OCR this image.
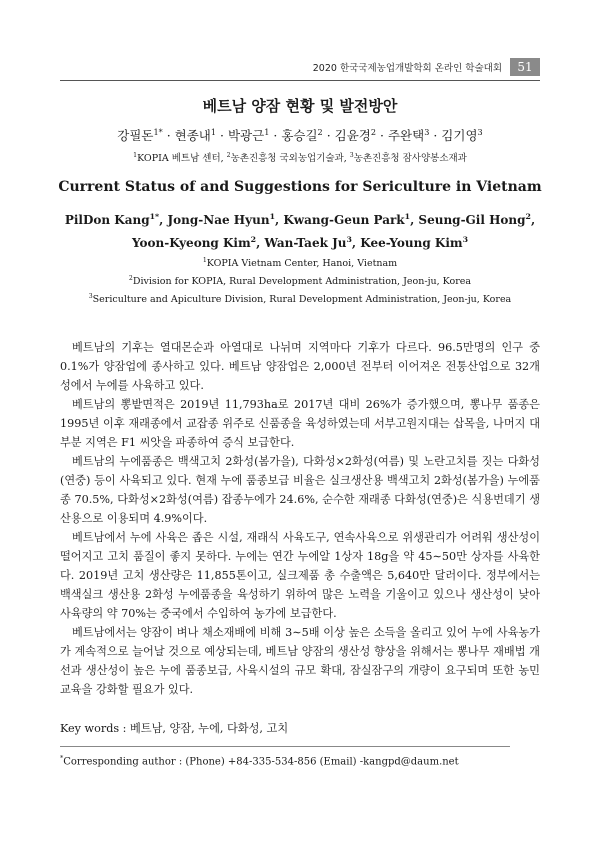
2020 한국국제농업개발학회 온라인 학술대회	51
베트남 양잠 현황 및 발전방안
강필돈$^{1*}$ · 현종내$^1$ · 박광근$^1$ · 홍승길$^2$ · 김윤경$^2$ · 주완택$^3$ · 김기영$^3$
$^1$KOPIA 베트남 센터, $^2$농촌진흥청 국외농업기술과, $^3$농촌진흥청 잠사양봉소재과
Current Status of and Suggestions for Sericulture in Vietnam
PilDon Kang$^{1*}$, Jong-Nae Hyun$^1$, Kwang-Geun Park$^1$, Seung-Gil Hong$^2$,
Yoon-Kyeong Kim$^2$, Wan-Taek Ju$^3$, Kee-Young Kim$^3$
$^1$KOPIA Vietnam Center, Hanoi, Vietnam
$^2$Division for KOPIA, Rural Development Administration, Jeon-ju, Korea
$^3$Sericulture and Apiculture Division, Rural Development Administration, Jeon-ju, Korea

베트남의 기후는 열대몬순과 아열대로 나뉘며 지역마다 기후가 다르다. 96.5만명의 인구 중 0.1%가 양잠업에 종사하고 있다. 베트남 양잠업은 2,000년 전부터 이어져온 전통산업으로 32개성에서 누에를 사육하고 있다.

베트남의 뽕밭면적은 2019년 11,793ha로 2017년 대비 26%가 증가했으며, 뽕나무 품종은 1995년 이후 재래종에서 교잡종 위주로 신품종을 육성하였는데 서부고원지대는 삽목을, 나머지 대부분 지역은 F1 씨앗을 파종하여 증식 보급한다.

베트남의 누에품종은 백색고치 2화성(봄가을), 다화성×2화성(여름) 및 노란고치를 짓는 다화성(연중) 등이 사육되고 있다. 현재 누에 품종보급 비율은 실크생산용 백색고치 2화성(봄가을) 누에품종 70.5%, 다화성×2화성(여름) 잡종누에가 24.6%, 순수한 재래종 다화성(연중)은 식용번데기 생산용으로 이용되며 4.9%이다.

베트남에서 누에 사육은 좁은 시설, 재래식 사육도구, 연속사육으로 위생관리가 어려워 생산성이 떨어지고 고치 품질이 좋지 못하다. 누에는 연간 누에알 1상자 18g을 약 45∼50만 상자를 사육한다. 2019년 고치 생산량은 11,855톤이고, 실크제품 총 수출액은 5,640만 달러이다. 정부에서는 백색실크 생산용 2화성 누에품종을 육성하기 위하여 많은 노력을 기울이고 있으나 생산성이 낮아 사육량의 약 70%는 중국에서 수입하여 농가에 보급한다.

베트남에서는 양잠이 벼나 채소재배에 비해 3∼5배 이상 높은 소득을 올리고 있어 누에 사육농가가 계속적으로 늘어날 것으로 예상되는데, 베트남 양잠의 생산성 향상을 위해서는 뽕나무 재배법 개선과 생산성이 높은 누에 품종보급, 사육시설의 규모 확대, 잠실잠구의 개량이 요구되며 또한 농민교육을 강화할 필요가 있다.

Key words : 베트남, 양잠, 누에, 다화성, 고치
*Corresponding author : (Phone) +84-335-534-856 (Email) -kangpd@daum.net
